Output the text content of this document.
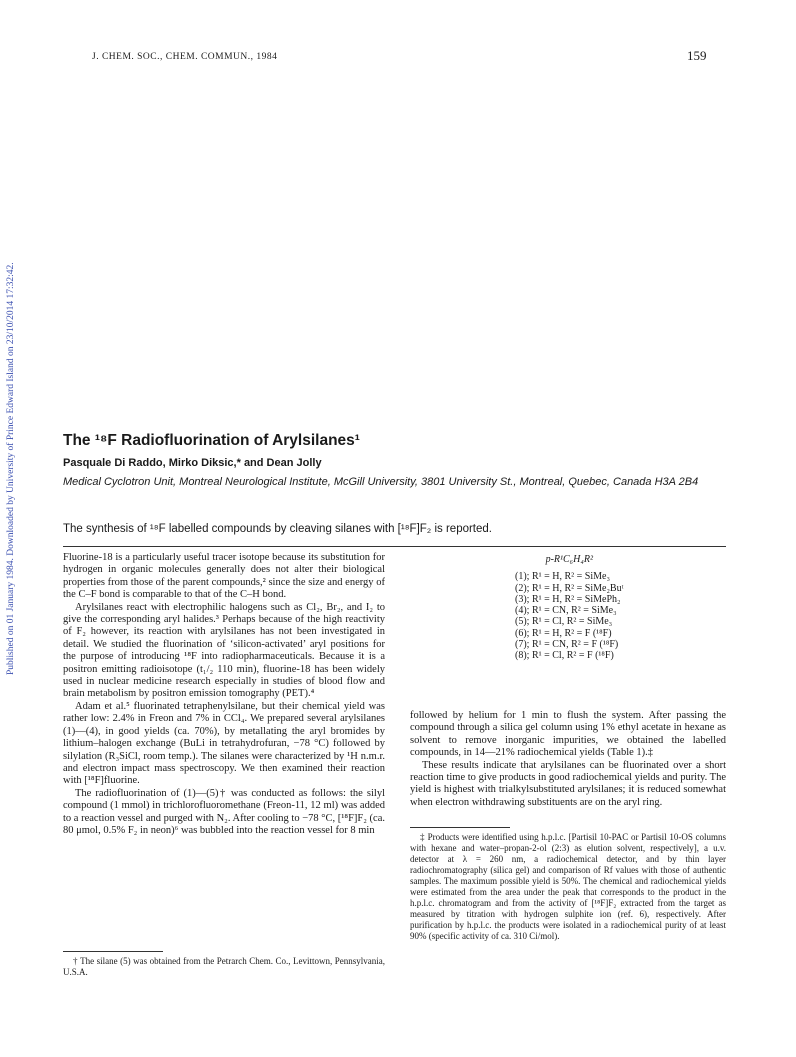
J. CHEM. SOC., CHEM. COMMUN., 1984	159
Published on 01 January 1984. Downloaded by University of Prince Edward Island on 23/10/2014 17:32:42.	The ¹⁸F Radiofluorination of Arylsilanes¹
Pasquale Di Raddo, Mirko Diksic,* and Dean Jolly
Medical Cyclotron Unit, Montreal Neurological Institute, McGill University, 3801 University St., Montreal, Quebec, Canada H3A 2B4
The synthesis of ¹⁸F labelled compounds by cleaving silanes with [¹⁸F]F₂ is reported.

Fluorine-18 is a particularly useful tracer isotope because its substitution for hydrogen in organic molecules generally does not alter their biological properties from those of the parent compounds,² since the size and energy of the C–F bond is comparable to that of the C–H bond.

Arylsilanes react with electrophilic halogens such as Cl₂, Br₂, and I₂ to give the corresponding aryl halides.³ Perhaps because of the high reactivity of F₂ however, its reaction with arylsilanes has not been investigated in detail. We studied the fluorination of ‘silicon-activated’ aryl positions for the purpose of introducing ¹⁸F into radiopharmaceuticals. Because it is a positron emitting radioisotope (t₁/₂ 110 min), fluorine-18 has been widely used in nuclear medicine research especially in studies of blood flow and brain metabolism by positron emission tomography (PET).⁴

Adam et al.⁵ fluorinated tetraphenylsilane, but their chemical yield was rather low: 2.4% in Freon and 7% in CCl₄. We prepared several arylsilanes (1)—(4), in good yields (ca. 70%), by metallating the aryl bromides by lithium–halogen exchange (BuLi in tetrahydrofuran, −78 °C) followed by silylation (R₃SiCl, room temp.). The silanes were characterized by ¹H n.m.r. and electron impact mass spectroscopy. We then examined their reaction with [¹⁸F]fluorine.

The radiofluorination of (1)—(5)† was conducted as follows: the silyl compound (1 mmol) in trichlorofluoromethane (Freon-11, 12 ml) was added to a reaction vessel and purged with N₂. After cooling to −78 °C, [¹⁸F]F₂ (ca. 80 μmol, 0.5% F₂ in neon)⁶ was bubbled into the reaction vessel for 8 min

p-R¹C₆H₄R²
(1); R¹ = H, R² = SiMe₃
(2); R¹ = H, R² = SiMe₂Buᵗ
(3); R¹ = H, R² = SiMePh₂
(4); R¹ = CN, R² = SiMe₃
(5); R¹ = Cl, R² = SiMe₃
(6); R¹ = H, R² = F (¹⁸F)
(7); R¹ = CN, R² = F (¹⁸F)
(8); R¹ = Cl, R² = F (¹⁸F)

followed by helium for 1 min to flush the system. After passing the compound through a silica gel column using 1% ethyl acetate in hexane as solvent to remove inorganic impurities, we obtained the labelled compounds, in 14—21% radiochemical yields (Table 1).‡

These results indicate that arylsilanes can be fluorinated over a short reaction time to give products in good radiochemical yields and purity. The yield is highest with trialkylsubstituted arylsilanes; it is reduced somewhat when electron withdrawing substituents are on the aryl ring.

‡ Products were identified using h.p.l.c. [Partisil 10-PAC or Partisil 10-OS columns with hexane and water–propan-2-ol (2:3) as elution solvent, respectively], a u.v. detector at λ = 260 nm, a radiochemical detector, and by thin layer radiochromatography (silica gel) and comparison of Rf values with those of authentic samples. The maximum possible yield is 50%. The chemical and radiochemical yields were estimated from the area under the peak that corresponds to the product in the h.p.l.c. chromatogram and from the activity of [¹⁸F]F₂ extracted from the target as measured by titration with hydrogen sulphite ion (ref. 6), respectively. After purification by h.p.l.c. the products were isolated in a radiochemical purity of at least 90% (specific activity of ca. 310 Ci/mol).

† The silane (5) was obtained from the Petrarch Chem. Co., Levittown, Pennsylvania, U.S.A.
